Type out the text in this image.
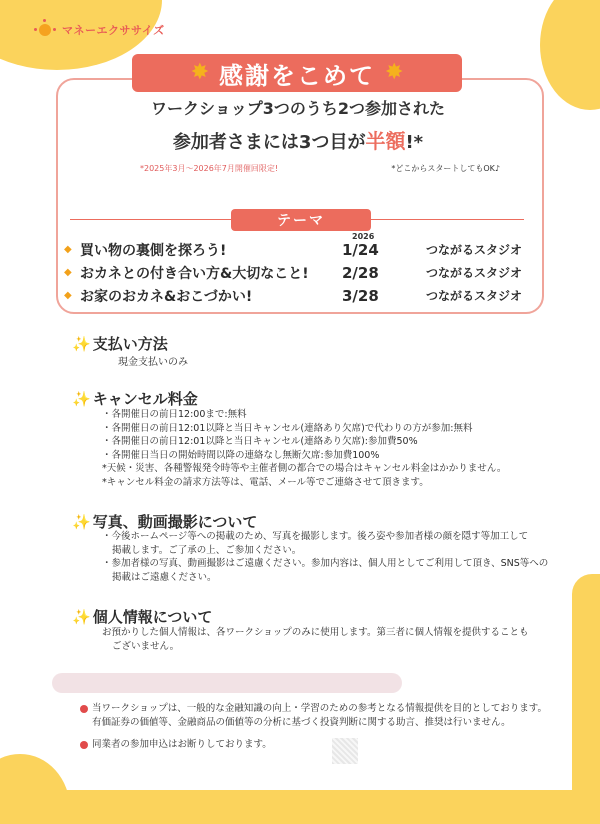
マネーエクササイズ
✸ 感謝をこめて ✸
ワークショップ3つのうち2つ参加された
参加者さまには3つ目が半額!*
*2025年3月～2026年7月開催回限定!	*どこからスタートしてもOK♪
テーマ
2026
◆ 買い物の裏側を探ろう!	1/24	つながるスタジオ
◆ おカネとの付き合い方&大切なこと!	2/28	つながるスタジオ
◆ お家のおカネ&おこづかい!	3/28	つながるスタジオ
✨ 支払い方法
現金支払いのみ
✨ キャンセル料金

・各開催日の前日12:00まで:無料

・各開催日の前日12:01以降と当日キャンセル(連絡あり欠席)で代わりの方が参加:無料

・各開催日の前日12:01以降と当日キャンセル(連絡あり欠席):参加費50%

・各開催日当日の開始時間以降の連絡なし無断欠席:参加費100%

*天候・災害、各種警報発令時等や主催者側の都合での場合はキャンセル料金はかかりません。

*キャンセル料金の請求方法等は、電話、メール等でご連絡させて頂きます。

✨ 写真、動画撮影について

・今後ホームページ等への掲載のため、写真を撮影します。後ろ姿や参加者様の顔を隠す等加工して

掲載します。ご了承の上、ご参加ください。

・参加者様の写真、動画撮影はご遠慮ください。参加内容は、個人用としてご利用して頂き、SNS等への

掲載はご遠慮ください。

✨ 個人情報について

お預かりした個人情報は、各ワークショップのみに使用します。第三者に個人情報を提供することも

ございません。

当ワークショップは、一般的な金融知識の向上・学習のための参考となる情報提供を目的としております。

有価証券の価値等、金融商品の価値等の分析に基づく投資判断に関する助言、推奨は行いません。

同業者の参加申込はお断りしております。
